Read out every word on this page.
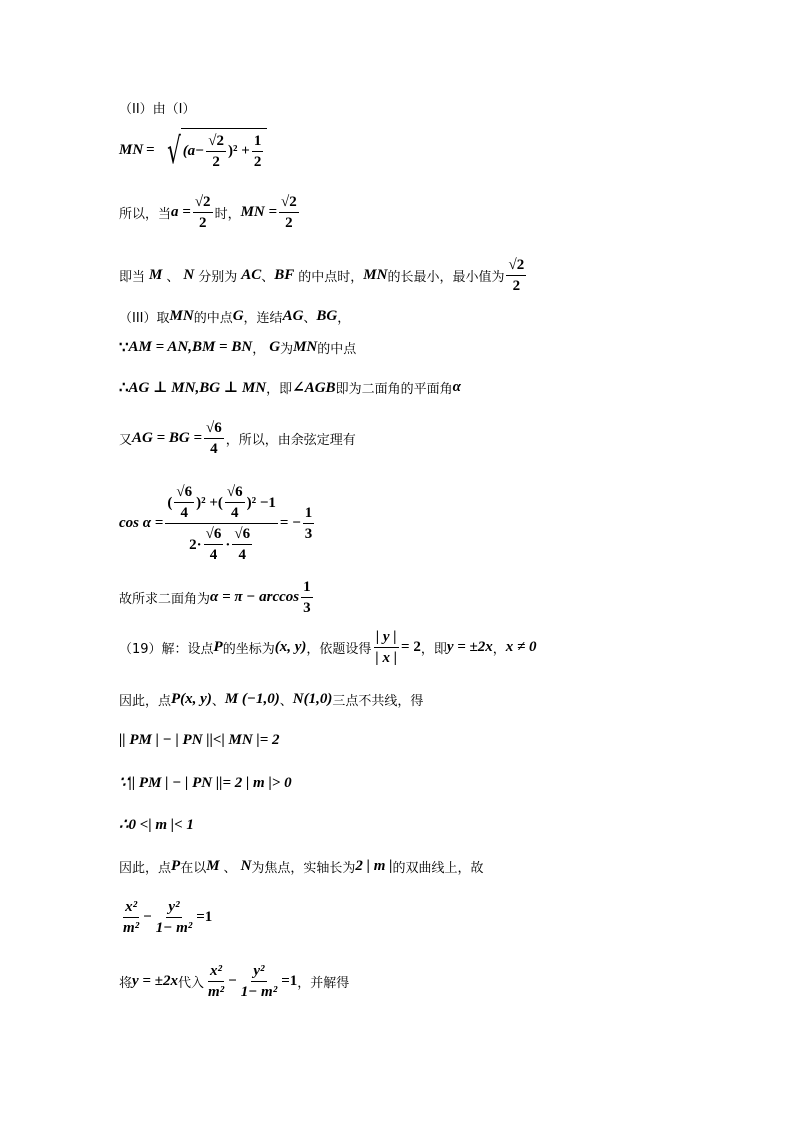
（II）由（I）
MN = √ $(a- \frac{√2}{2} )^2 + \frac{1}{2}$
所以，当 $a = \frac{√2}{2}$ 时， MN = $\frac{√2}{2}$
即当 M 、 N 分别为 AC 、 BF 的中点时， MN 的长最小，最小值为 $\frac{√2}{2}$
（III）取 MN 的中点 G ，连结 AG 、 BG ，
∵ AM = AN,BM = BN ， G 为 MN 的中点
∴ AG ⊥ MN,BG ⊥ MN ，即 ∠AGB 即为二面角的平面角 α
又 AG = BG = $\frac{√6}{4}$ ，所以，由余弦定理有
$\cos \alpha = \frac{( \frac{√6}{4} )^2 + ( \frac{√6}{4} )^2 -1}{2\cdot \frac{√6}{4} \cdot \frac{√6}{4}}$ = − $\frac{1}{3}$
故所求二面角为 $\alpha = \pi - \arccos \frac{1}{3}$
（19）解：设点 P 的坐标为 (x, y) ，依题设得 $\frac{| y |}{| x |} = 2$ ，即 y = ±2x ， x ≠ 0
因此，点 P(x, y) 、 M (−1,0) 、 N(1,0) 三点不共线，得
|| PM | − | PN ||<| MN |= 2
∵|| PM | − | PN ||= 2 | m |> 0
∴0 <| m |< 1
因此，点 P 在以 M 、 N 为焦点，实轴长为 2 | m | 的双曲线上，故
$\frac{\text{x²}}{\text{m²}} - \frac{\text{y²}}{\text{1− m²}} =1$
将 y = ±2x 代入 $\frac{\text{x²}}{\text{m²}} - \frac{\text{y²}}{\text{1− m²}} =1$ ，并解得
